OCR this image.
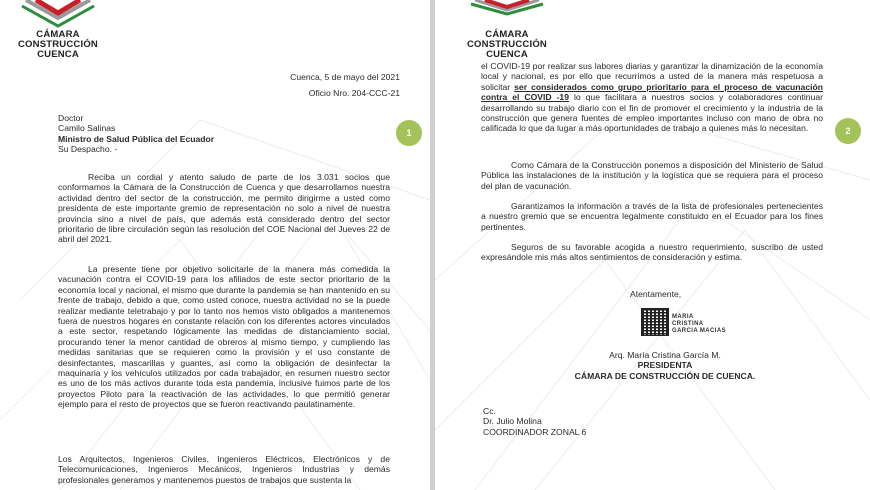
CÁMARA
CONSTRUCCIÓN
CUENCA
Cuenca, 5 de mayo del 2021
Oficio Nro. 204-CCC-21
Doctor
Camilo Salinas
Ministro de Salud Pública del Ecuador
Su Despacho. -
1
Reciba un cordial y atento saludo de parte de los 3.031 socios que conformamos la Cámara de la Construcción de Cuenca y que desarrollamos nuestra actividad dentro del sector de la construcción, me permito dirigirme a usted como presidenta de este importante gremio de representación no solo a nivel de nuestra provincia sino a nivel de país, que además está considerado dentro del sector prioritario de libre circulación según las resolución del COE Nacional del Jueves 22 de abril del 2021.
La presente tiene por objetivo solicitarle de la manera más comedida la vacunación contra el COVID-19 para los afiliados de este sector prioritario de la economía local y nacional, el mismo que durante la pandemia se han mantenido en su frente de trabajo, debido a que, como usted conoce, nuestra actividad no se la puede realizar mediante teletrabajo y por lo tanto nos hemos visto obligados a mantenemos fuera de nuestros hogares en constante relación con los diferentes actores vinculados a este sector, respetando lógicamente las medidas de distanciamiento social, procurando tener la menor cantidad de obreros al mismo tiempo, y cumpliendo las medidas sanitarias que se requieren como la provisión y el uso constante de desinfectantes, mascarillas y guantes, así como la obligación de desinfectar la maquinaria y los vehículos utilizados por cada trabajador, en resumen nuestro sector es uno de los más activos durante toda esta pandemia, inclusive fuimos parte de los proyectos Piloto para la reactivación de las actividades, lo que permitió generar ejemplo para el resto de proyectos que se fueron reactivando paulatinamente.
Los Arquitectos, Ingenieros Civiles, Ingenieros Eléctricos, Electrónicos y de Telecomunicaciones, Ingenieros Mecánicos, Ingenieros Industrias y demás profesionales generamos y mantenemos puestos de trabajos que sustenta la
CÁMARA
CONSTRUCCIÓN
CUENCA
el COVID-19 por realizar sus labores diarias y garantizar la dinamización de la economía local y nacional, es por ello que recurrimos a usted de la manera más respetuosa a solicitar ser considerados como grupo prioritario para el proceso de vacunación contra el COVID -19 lo que facilitara a nuestros socios y colaboradores continuar desarrollando su trabajo diario con el fin de promover el crecimiento y la industria de la construcción que genera fuentes de empleo importantes incluso con mano de obra no calificada lo que da lugar a más oportunidades de trabajo a quienes más lo necesitan.	2
Como Cámara de la Construcción ponemos a disposición del Ministerio de Salud Pública las instalaciones de la institución y la logística que se requiera para el proceso del plan de vacunación.
Garantizamos la información a través de la lista de profesionales pertenecientes a nuestro gremio que se encuentra legalmente constituido en el Ecuador para los fines pertinentes.
Seguros de su favorable acogida a nuestro requerimiento, suscribo de usted expresándole mis más altos sentimientos de consideración y estima.
Atentamente,
MARIA
CRISTINA
GARCIA MACIAS
Arq. María Cristina García M.
PRESIDENTA
CÁMARA DE CONSTRUCCIÓN DE CUENCA.
Cc.
Dr. Julio Molina
COORDINADOR ZONAL 6
